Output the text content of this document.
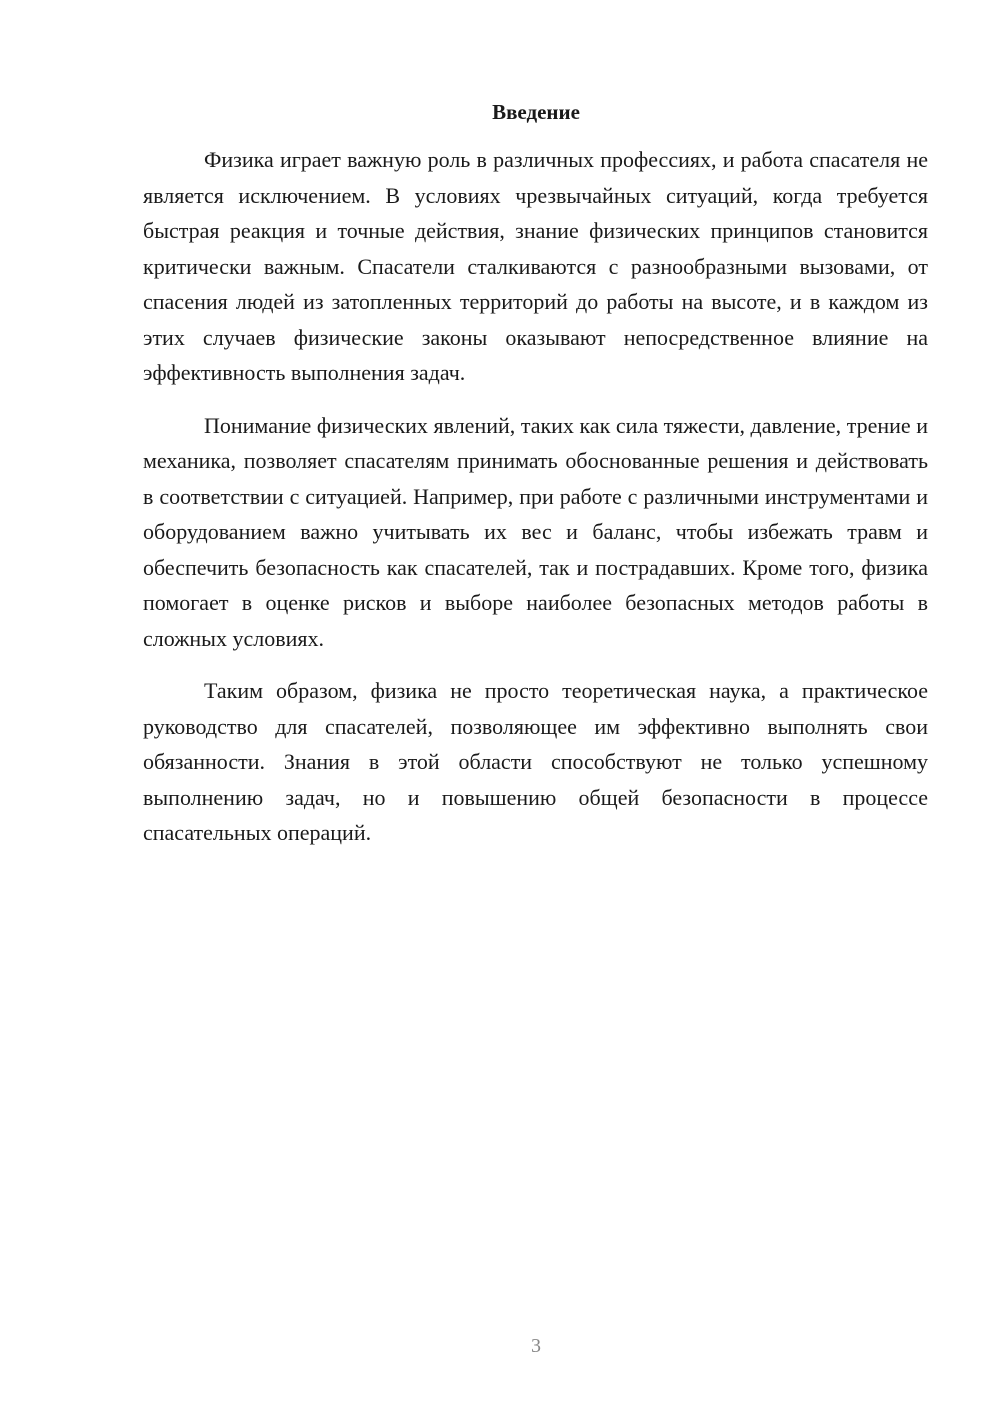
Введение

Физика играет важную роль в различных профессиях, и работа спасателя не является исключением. В условиях чрезвычайных ситуаций, когда требуется быстрая реакция и точные действия, знание физических принципов становится критически важным. Спасатели сталкиваются с разнообразными вызовами, от спасения людей из затопленных территорий до работы на высоте, и в каждом из этих случаев физические законы оказывают непосредственное влияние на эффективность выполнения задач.

Понимание физических явлений, таких как сила тяжести, давление, трение и механика, позволяет спасателям принимать обоснованные решения и действовать в соответствии с ситуацией. Например, при работе с различными инструментами и оборудованием важно учитывать их вес и баланс, чтобы избежать травм и обеспечить безопасность как спасателей, так и пострадавших. Кроме того, физика помогает в оценке рисков и выборе наиболее безопасных методов работы в сложных условиях.

Таким образом, физика не просто теоретическая наука, а практическое руководство для спасателей, позволяющее им эффективно выполнять свои обязанности. Знания в этой области способствуют не только успешному выполнению задач, но и повышению общей безопасности в процессе спасательных операций.

3
